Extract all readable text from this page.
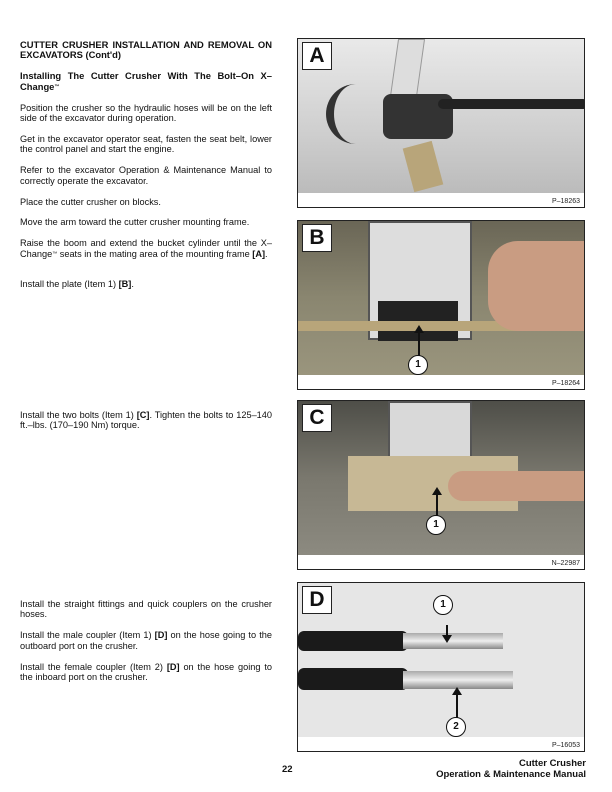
CUTTER CRUSHER INSTALLATION AND REMOVAL ON EXCAVATORS (Cont'd)

Installing The Cutter Crusher With The Bolt–On X–Change™

Position the crusher so the hydraulic hoses will be on the left side of the excavator during operation.

Get in the excavator operator seat, fasten the seat belt, lower the control panel and start the engine.

Refer to the excavator Operation & Maintenance Manual to correctly operate the excavator.

Place the cutter crusher on blocks.

Move the arm toward the cutter crusher mounting frame.

Raise the boom and extend the bucket cylinder until the X–Change™ seats in the mating area of the mounting frame [A].

Install the plate (Item 1) [B].

Install the two bolts (Item 1) [C]. Tighten the bolts to 125–140 ft.–lbs. (170–190 Nm) torque.

Install the straight fittings and quick couplers on the crusher hoses.

Install the male coupler (Item 1) [D] on the hose going to the outboard port on the crusher.

Install the female coupler (Item 2) [D] on the hose going to the inboard port on the crusher.

A
P–18263
1
B
P–18264
1
C
N–22987
1
2
D
P–16053
22
Cutter Crusher
Operation & Maintenance Manual
